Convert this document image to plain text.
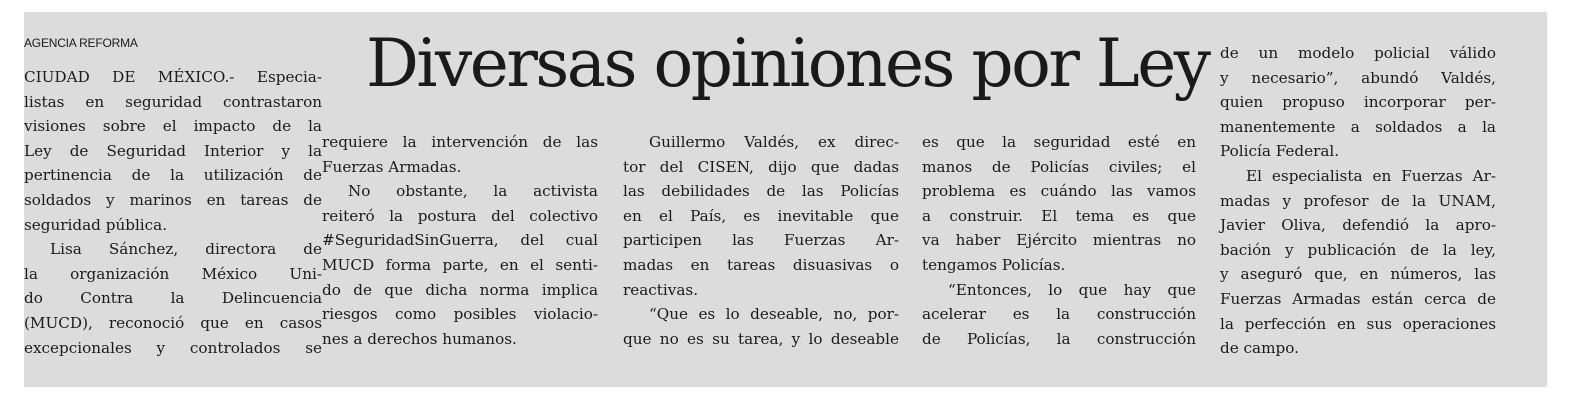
AGENCIA REFORMA	Diversas opiniones por Ley
CIUDAD DE MÉXICO.- Especia-
listas en seguridad contrastaron
visiones sobre el impacto de la
Ley de Seguridad Interior y la
pertinencia de la utilización de
soldados y marinos en tareas de
seguridad pública.
Lisa Sánchez, directora de
la organización México Uni-
do Contra la Delincuencia
(MUCD), reconoció que en casos
excepcionales y controlados se
requiere la intervención de las
Fuerzas Armadas.
No obstante, la activista
reiteró la postura del colectivo
#SeguridadSinGuerra, del cual
MUCD forma parte, en el senti-
do de que dicha norma implica
riesgos como posibles violacio-
nes a derechos humanos.
Guillermo Valdés, ex direc-
tor del CISEN, dijo que dadas
las debilidades de las Policías
en el País, es inevitable que
participen las Fuerzas Ar-
madas en tareas disuasivas o
reactivas.
“Que es lo deseable, no, por-
que no es su tarea, y lo deseable
es que la seguridad esté en
manos de Policías civiles; el
problema es cuándo las vamos
a construir. El tema es que
va haber Ejército mientras no
tengamos Policías.
“Entonces, lo que hay que
acelerar es la construcción
de Policías, la construcción
de un modelo policial válido
y necesario”, abundó Valdés,
quien propuso incorporar per-
manentemente a soldados a la
Policía Federal.
El especialista en Fuerzas Ar-
madas y profesor de la UNAM,
Javier Oliva, defendió la apro-
bación y publicación de la ley,
y aseguró que, en números, las
Fuerzas Armadas están cerca de
la perfección en sus operaciones
de campo.
